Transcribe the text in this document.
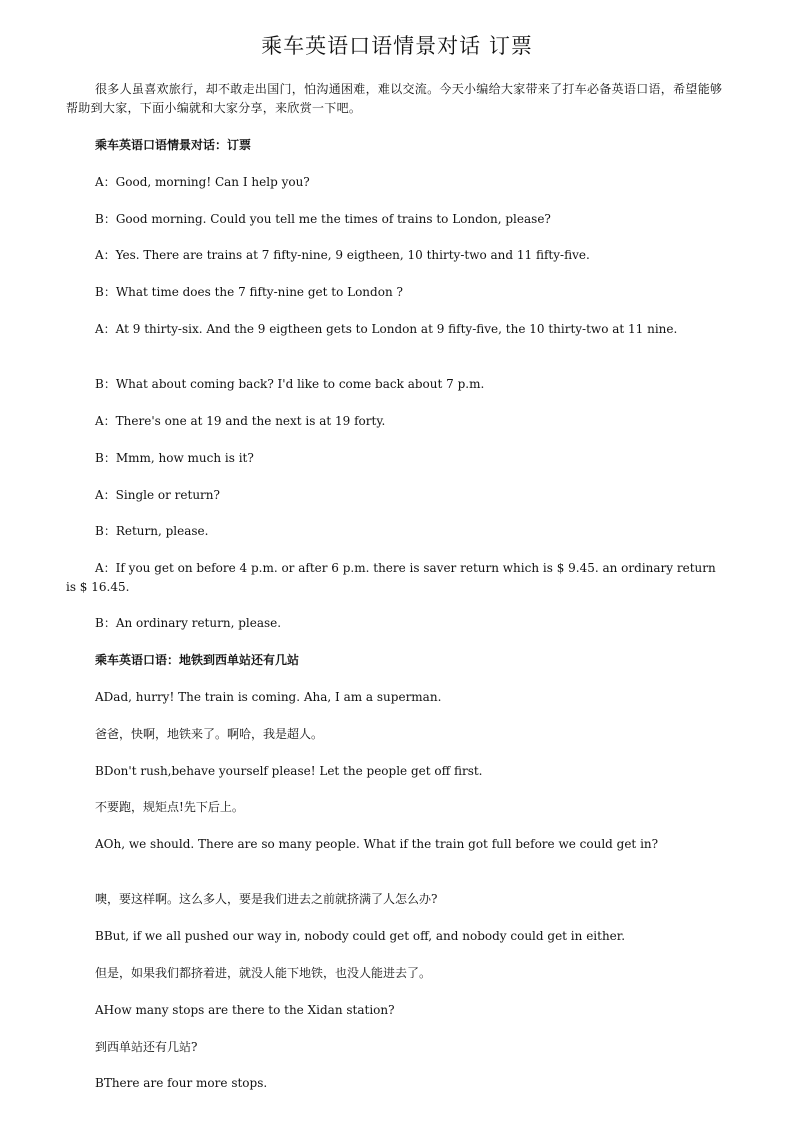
乘车英语口语情景对话 订票

很多人虽喜欢旅行，却不敢走出国门，怕沟通困难，难以交流。今天小编给大家带来了打车必备英语口语，希望能够帮助到大家，下面小编就和大家分享，来欣赏一下吧。

乘车英语口语情景对话：订票

A：Good, morning! Can I help you?

B：Good morning. Could you tell me the times of trains to London, please?

A：Yes. There are trains at 7 fifty-nine, 9 eigtheen, 10 thirty-two and 11 fifty-five.

B：What time does the 7 fifty-nine get to London ?

A：At 9 thirty-six. And the 9 eigtheen gets to London at 9 fifty-five, the 10 thirty-two at 11 nine.

B：What about coming back? I'd like to come back about 7 p.m.

A：There's one at 19 and the next is at 19 forty.

B：Mmm, how much is it?

A：Single or return?

B：Return, please.

A：If you get on before 4 p.m. or after 6 p.m. there is saver return which is $ 9.45. an ordinary return is $ 16.45.

B：An ordinary return, please.

乘车英语口语：地铁到西单站还有几站

ADad, hurry! The train is coming. Aha, I am a superman.

爸爸，快啊，地铁来了。啊哈，我是超人。

BDon't rush,behave yourself please! Let the people get off first.

不要跑，规矩点!先下后上。

AOh, we should. There are so many people. What if the train got full before we could get in?

噢，要这样啊。这么多人，要是我们进去之前就挤满了人怎么办?

BBut, if we all pushed our way in, nobody could get off, and nobody could get in either.

但是，如果我们都挤着进，就没人能下地铁，也没人能进去了。

AHow many stops are there to the Xidan station?

到西单站还有几站?

BThere are four more stops.
